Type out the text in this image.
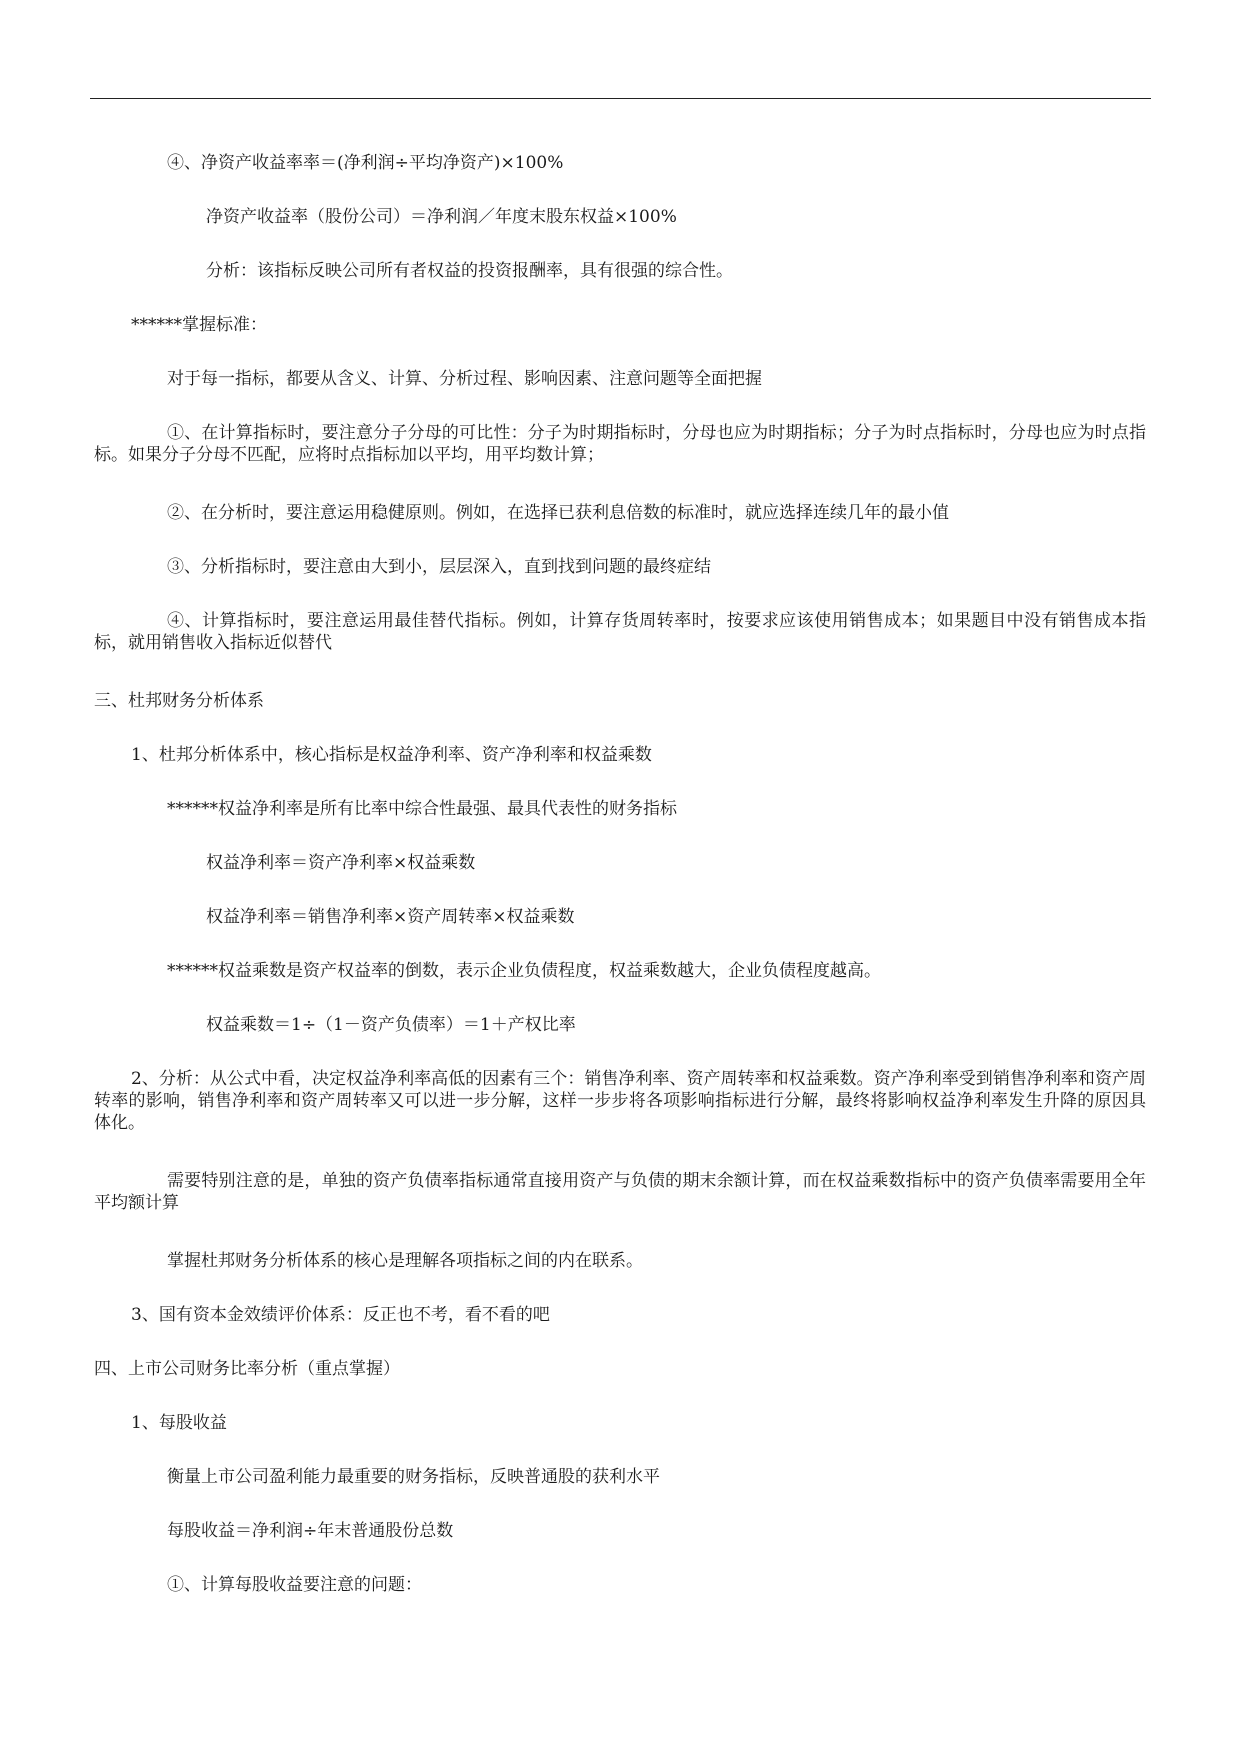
④、净资产收益率率＝(净利润÷平均净资产)×100%
净资产收益率（股份公司）＝净利润／年度末股东权益×100%
分析：该指标反映公司所有者权益的投资报酬率，具有很强的综合性。
******掌握标准：
对于每一指标，都要从含义、计算、分析过程、影响因素、注意问题等全面把握
①、在计算指标时，要注意分子分母的可比性：分子为时期指标时，分母也应为时期指标；分子为时点指标时，分母也应为时点指标。如果分子分母不匹配，应将时点指标加以平均，用平均数计算；
②、在分析时，要注意运用稳健原则。例如，在选择已获利息倍数的标准时，就应选择连续几年的最小值
③、分析指标时，要注意由大到小，层层深入，直到找到问题的最终症结
④、计算指标时，要注意运用最佳替代指标。例如，计算存货周转率时，按要求应该使用销售成本；如果题目中没有销售成本指标，就用销售收入指标近似替代
三、杜邦财务分析体系
1、杜邦分析体系中，核心指标是权益净利率、资产净利率和权益乘数
******权益净利率是所有比率中综合性最强、最具代表性的财务指标
权益净利率＝资产净利率×权益乘数
权益净利率＝销售净利率×资产周转率×权益乘数
******权益乘数是资产权益率的倒数，表示企业负债程度，权益乘数越大，企业负债程度越高。
权益乘数＝1÷（1－资产负债率）＝1＋产权比率
2、分析：从公式中看，决定权益净利率高低的因素有三个：销售净利率、资产周转率和权益乘数。资产净利率受到销售净利率和资产周转率的影响，销售净利率和资产周转率又可以进一步分解，这样一步步将各项影响指标进行分解，最终将影响权益净利率发生升降的原因具体化。
需要特别注意的是，单独的资产负债率指标通常直接用资产与负债的期末余额计算，而在权益乘数指标中的资产负债率需要用全年平均额计算
掌握杜邦财务分析体系的核心是理解各项指标之间的内在联系。
3、国有资本金效绩评价体系：反正也不考，看不看的吧
四、上市公司财务比率分析（重点掌握）
1、每股收益
衡量上市公司盈利能力最重要的财务指标，反映普通股的获利水平
每股收益＝净利润÷年末普通股份总数
①、计算每股收益要注意的问题：
